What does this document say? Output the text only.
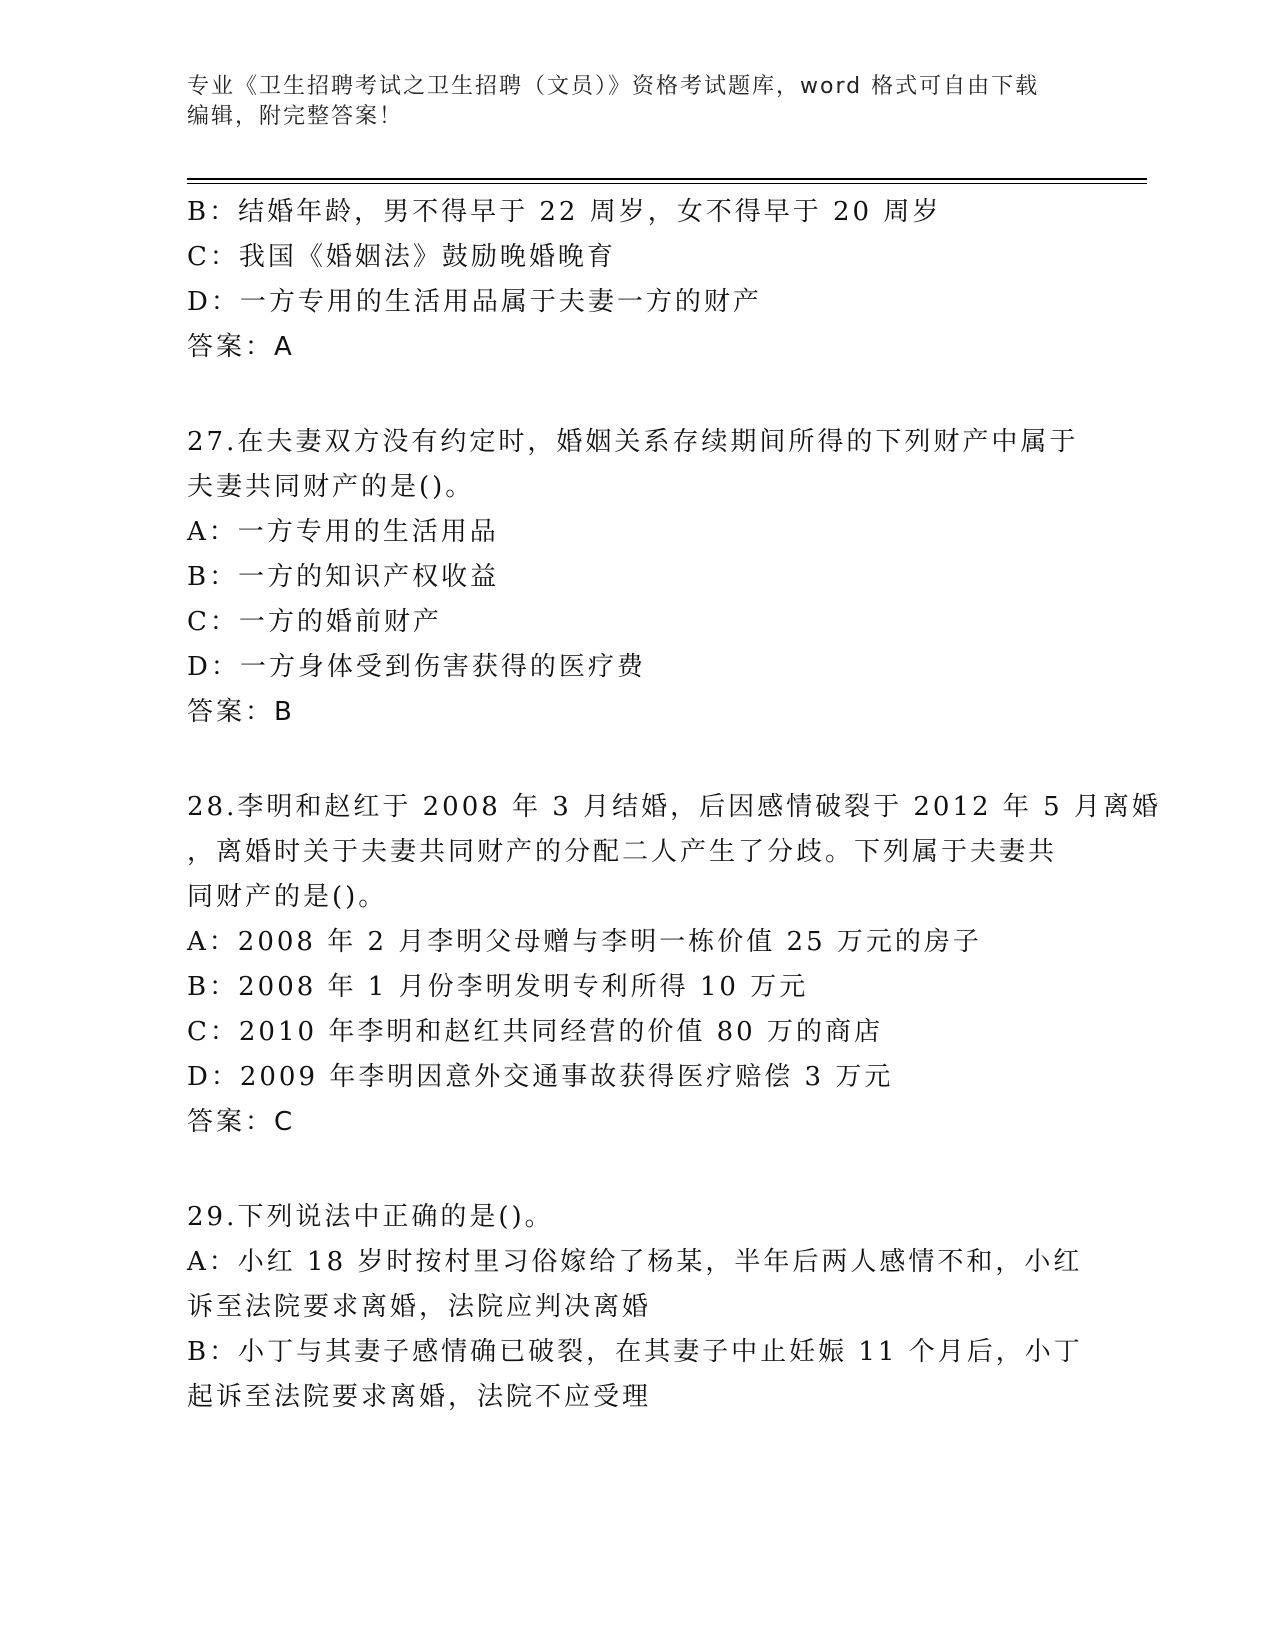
专业《卫生招聘考试之卫生招聘（文员）》资格考试题库，word 格式可自由下载
编辑，附完整答案！
B：结婚年龄，男不得早于 22 周岁，女不得早于 20 周岁
C：我国《婚姻法》鼓励晚婚晚育
D：一方专用的生活用品属于夫妻一方的财产
答案：A
27.在夫妻双方没有约定时，婚姻关系存续期间所得的下列财产中属于
夫妻共同财产的是()。
A：一方专用的生活用品
B：一方的知识产权收益
C：一方的婚前财产
D：一方身体受到伤害获得的医疗费
答案：B
28.李明和赵红于 2008 年 3 月结婚，后因感情破裂于 2012 年 5 月离婚
，离婚时关于夫妻共同财产的分配二人产生了分歧。下列属于夫妻共
同财产的是()。
A：2008 年 2 月李明父母赠与李明一栋价值 25 万元的房子
B：2008 年 1 月份李明发明专利所得 10 万元
C：2010 年李明和赵红共同经营的价值 80 万的商店
D：2009 年李明因意外交通事故获得医疗赔偿 3 万元
答案：C
29.下列说法中正确的是()。
A：小红 18 岁时按村里习俗嫁给了杨某，半年后两人感情不和，小红
诉至法院要求离婚，法院应判决离婚
B：小丁与其妻子感情确已破裂，在其妻子中止妊娠 11 个月后，小丁
起诉至法院要求离婚，法院不应受理
